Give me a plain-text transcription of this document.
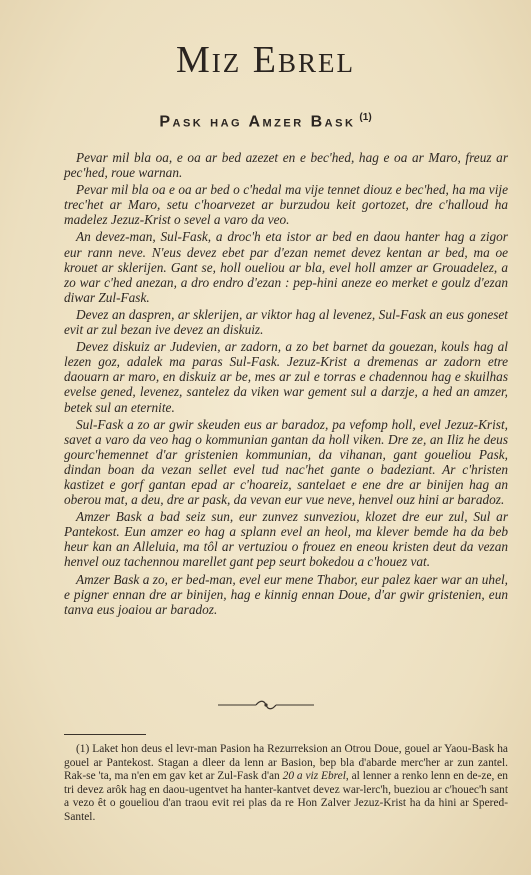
Miz Ebrel
Pask hag Amzer Bask $^{(1)}$

Pevar mil bla oa, e oa ar bed azezet en e bec'hed, hag e oa ar Maro, freuz ar pec'hed, roue warnan.

Pevar mil bla oa e oa ar bed o c'hedal ma vije tennet diouz e bec'hed, ha ma vije trec'het ar Maro, setu c'hoarvezet ar burzudou keit gortozet, dre c'halloud ha madelez Jezuz-Krist o sevel a varo da veo.

An devez-man, Sul-Fask, a droc'h eta istor ar bed en daou hanter hag a zigor eur rann neve. N'eus devez ebet par d'ezan nemet devez kentan ar bed, ma oe krouet ar sklerijen. Gant se, holl oueliou ar bla, evel holl amzer ar Grouadelez, a zo war c'hed anezan, a dro endro d'ezan : pep-hini aneze eo merket e goulz d'ezan diwar Zul-Fask.

Devez an daspren, ar sklerijen, ar viktor hag al levenez, Sul-Fask an eus goneset evit ar zul bezan ive devez an diskuiz.

Devez diskuiz ar Judevien, ar zadorn, a zo bet barnet da gouezan, kouls hag al lezen goz, adalek ma paras Sul-Fask. Jezuz-Krist a dremenas ar zadorn etre daouarn ar maro, en diskuiz ar be, mes ar zul e torras e chadennou hag e skuilhas evelse gened, levenez, santelez da viken war gement sul a darzje, a hed an amzer, betek sul an eternite.

Sul-Fask a zo ar gwir skeuden eus ar baradoz, pa vefomp holl, evel Jezuz-Krist, savet a varo da veo hag o kommunian gantan da holl viken. Dre ze, an Iliz he deus gourc'hemennet d'ar gristenien kommunian, da vihanan, gant goueliou Pask, dindan boan da vezan sellet evel tud nac'het gante o badeziant. Ar c'hristen kastizet e gorf gantan epad ar c'hoareiz, santelaet e ene dre ar binijen hag an oberou mat, a deu, dre ar pask, da vevan eur vue neve, henvel ouz hini ar baradoz.

Amzer Bask a bad seiz sun, eur zunvez sunveziou, klozet dre eur zul, Sul ar Pantekost. Eun amzer eo hag a splann evel an heol, ma klever bemde ha da beb heur kan an Alleluia, ma tôl ar vertuziou o frouez en eneou kristen deut da vezan henvel ouz tachennou marellet gant pep seurt bokedou a c'houez vat.

Amzer Bask a zo, er bed-man, evel eur mene Thabor, eur palez kaer war an uhel, e pigner ennan dre ar binijen, hag e kinnig ennan Doue, d'ar gwir gristenien, eun tanva eus joaiou ar baradoz.

(1) Laket hon deus el levr-man Pasion ha Rezurreksion an Otrou Doue, gouel ar Yaou-Bask ha gouel ar Pantekost. Stagan a dleer da lenn ar Basion, bep bla d'abarde merc'her ar zun zantel. Rak-se 'ta, ma n'en em gav ket ar Zul-Fask d'an 20 a viz Ebrel, al lenner a renko lenn en de-ze, en tri devez arôk hag en daou-ugentvet ha hanter-kantvet devez war-lerc'h, bueziou ar c'houec'h sant a vezo êt o goueliou d'an traou evit rei plas da re Hon Zalver Jezuz-Krist ha da hini ar Spered-Santel.
